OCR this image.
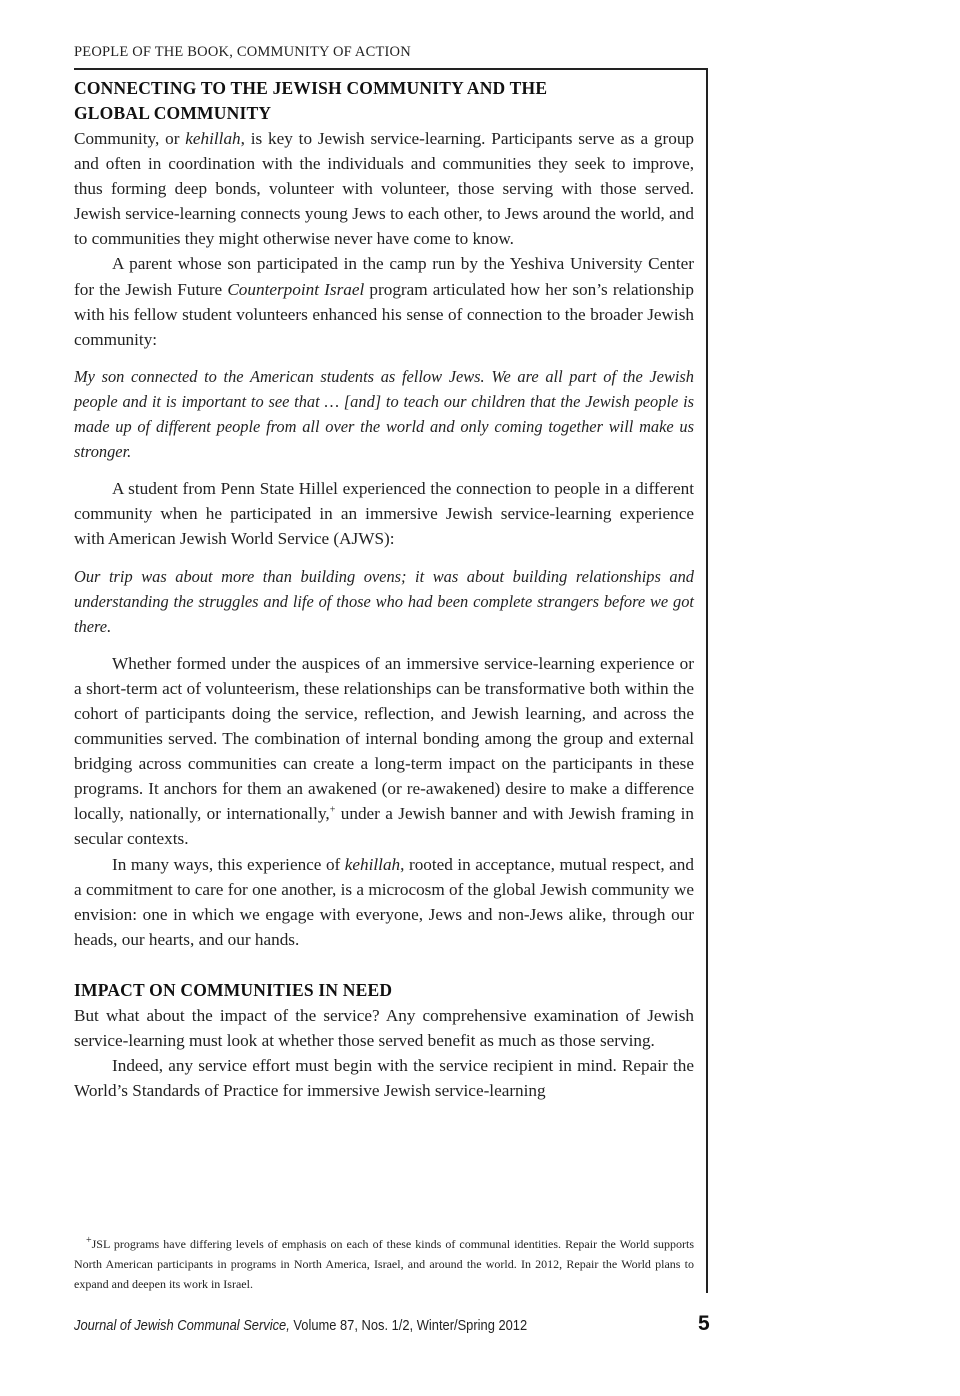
PEOPLE OF THE BOOK, COMMUNITY OF ACTION
CONNECTING TO THE JEWISH COMMUNITY AND THE
GLOBAL COMMUNITY

Community, or kehillah, is key to Jewish service-learning. Participants serve as a group and often in coordination with the individuals and communities they seek to improve, thus forming deep bonds, volunteer with volunteer, those serving with those served. Jewish service-learning connects young Jews to each other, to Jews around the world, and to communities they might otherwise never have come to know.

A parent whose son participated in the camp run by the Yeshiva University Center for the Jewish Future Counterpoint Israel program articulated how her son’s relationship with his fellow student volunteers enhanced his sense of connection to the broader Jewish community:

My son connected to the American students as fellow Jews. We are all part of the Jewish people and it is important to see that … [and] to teach our children that the Jewish people is made up of different people from all over the world and only coming together will make us stronger.

A student from Penn State Hillel experienced the connection to people in a different community when he participated in an immersive Jewish service-learning experience with American Jewish World Service (AJWS):

Our trip was about more than building ovens; it was about building relationships and understanding the struggles and life of those who had been complete strangers before we got there.

Whether formed under the auspices of an immersive service-learning experience or a short-term act of volunteerism, these relationships can be transformative both within the cohort of participants doing the service, reflection, and Jewish learning, and across the communities served. The combination of internal bonding among the group and external bridging across communities can create a long-term impact on the participants in these programs. It anchors for them an awakened (or re-awakened) desire to make a difference locally, nationally, or internationally,+ under a Jewish banner and with Jewish framing in secular contexts.

In many ways, this experience of kehillah, rooted in acceptance, mutual respect, and a commitment to care for one another, is a microcosm of the global Jewish community we envision: one in which we engage with everyone, Jews and non-Jews alike, through our heads, our hearts, and our hands.

IMPACT ON COMMUNITIES IN NEED

But what about the impact of the service? Any comprehensive examination of Jewish service-learning must look at whether those served benefit as much as those serving.

Indeed, any service effort must begin with the service recipient in mind. Repair the World’s Standards of Practice for immersive Jewish service-learning

+JSL programs have differing levels of emphasis on each of these kinds of communal identities. Repair the World supports North American participants in programs in North America, Israel, and around the world. In 2012, Repair the World plans to expand and deepen its work in Israel.
Journal of Jewish Communal Service, Volume 87, Nos. 1/2, Winter/Spring 2012	5
